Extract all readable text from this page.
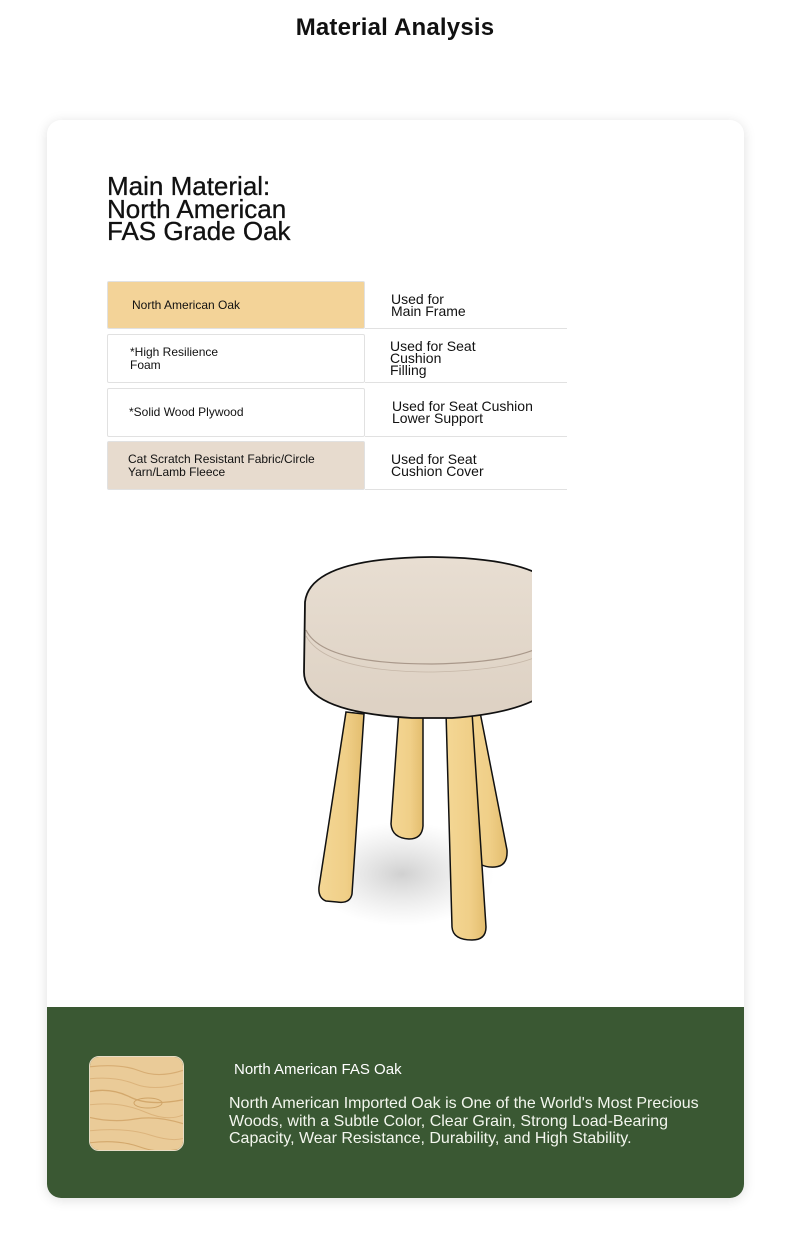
Material Analysis
Main Material: North American FAS Grade Oak
North American Oak	Used for Main Frame
*High Resilience Foam
Used for Seat Cushion Filling
*Solid Wood Plywood	Used for Seat Cushion Lower Support
Cat Scratch Resistant Fabric/Circle Yarn/Lamb Fleece
Used for Seat Cushion Cover
North American FAS Oak
North American Imported Oak is One of the World's Most Precious Woods, with a Subtle Color, Clear Grain, Strong Load-Bearing Capacity, Wear Resistance, Durability, and High Stability.
